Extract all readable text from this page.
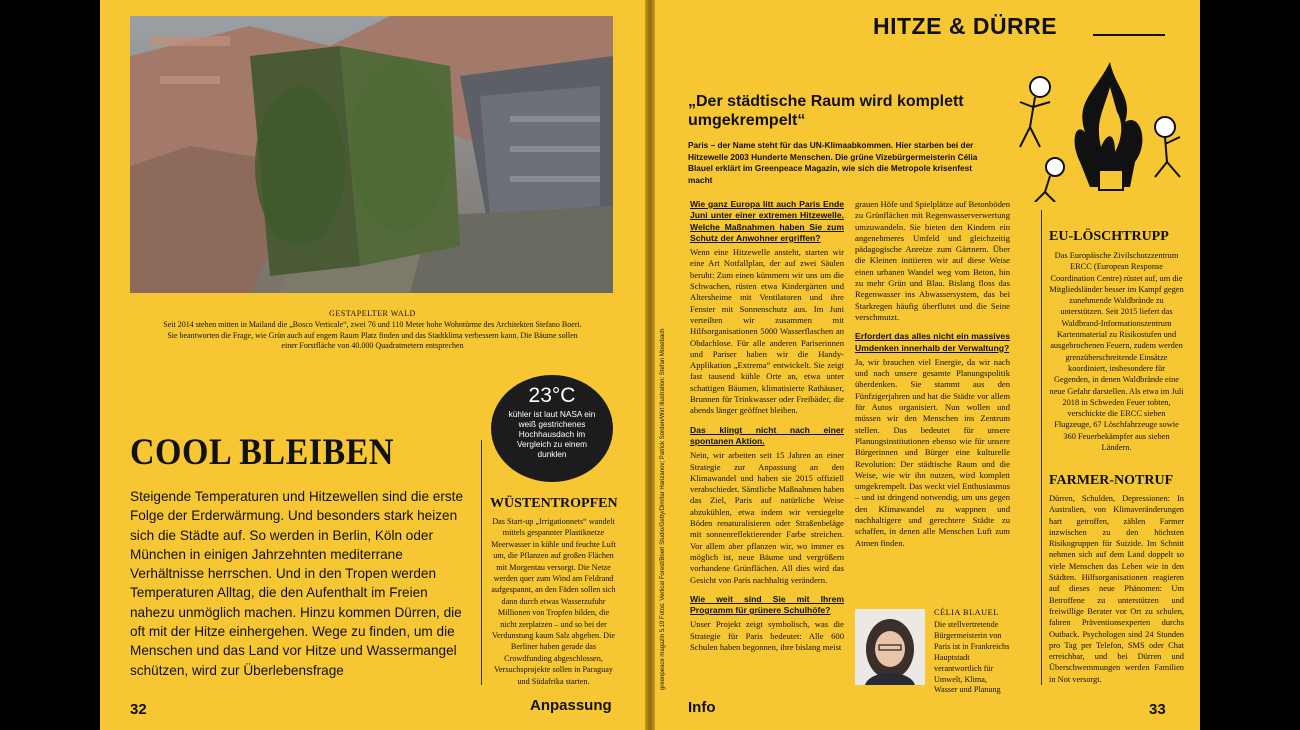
GESTAPELTER WALD
Seit 2014 stehen mitten in Mailand die „Bosco Verticale“, zwei 76 und 110 Meter hohe Wohntürme des Architekten Stefano Boeri. Sie beantworten die Frage, wie Grün auch auf engem Raum Platz finden und das Stadtklima verbessern kann. Die Bäume sollen einer Forstfläche von 40.000 Quadratmetern entsprechen
23°C
kühler ist laut NASA ein weiß gestrichenes Hochhausdach im Vergleich zu einem dunklen
COOL BLEIBEN
Steigende Temperaturen und Hitzewellen sind die erste Folge der Erderwärmung. Und besonders stark heizen sich die Städte auf. So werden in Berlin, Köln oder München in einigen Jahrzehnten mediterrane Verhältnisse herrschen. Und in den Tropen werden Temperaturen Alltag, die den Aufenthalt im Freien nahezu unmöglich machen. Hinzu kommen Dürren, die oft mit der Hitze einhergehen. Wege zu finden, um die Menschen und das Land vor Hitze und Wassermangel schützen, wird zur Überlebensfrage
WÜSTENTROPFEN
Das Start-up „Irrigationnets“ wandelt mittels gespannter Plastiknetze Meerwasser in kühle und feuchte Luft um, die Pflanzen auf großen Flächen mit Morgentau versorgt. Die Netze werden quer zum Wind am Feldrand aufgespannt, an den Fäden sollen sich dann durch etwas Wasserzufuhr Millionen von Tropfen bilden, die nicht zerplatzen – und so bei der Verdunstung kaum Salz abgeben. Die Berliner haben gerade das Crowdfunding abgeschlossen, Versuchsprojekte sollen in Paraguay und Südafrika starten.
32	Anpassung
HITZE & DÜRRE
„Der städtische Raum wird komplett umgekrempelt“
Paris – der Name steht für das UN-Klimaabkommen. Hier starben bei der Hitzewelle 2003 Hunderte Menschen. Die grüne Vizebürgermeisterin Célia Blauel erklärt im Greenpeace Magazin, wie sich die Metropole krisenfest macht
greenpeace magazin 5.19 Fotos: Vertical Forest/Boeri Studio/Getty/Dimitar Harizanov; Patrick Sorden/Wirt Illustration: Stefan Mosebach

Wie ganz Europa litt auch Paris Ende Juni unter einer extremen Hitzewelle. Welche Maßnahmen haben Sie zum Schutz der Anwohner ergriffen?

Wenn eine Hitzewelle ansteht, starten wir eine Art Notfallplan, der auf zwei Säulen beruht: Zum einen kümmern wir uns um die Schwachen, rüsten etwa Kindergärten und Altersheime mit Ventilatoren und ihre Fenster mit Sonnenschutz aus. Im Juni verteilten wir zusammen mit Hilfsorganisationen 5000 Wasserflaschen an Obdachlose. Für alle anderen Pariserinnen und Pariser haben wir die Handy-Applikation „Extrema“ entwickelt. Sie zeigt fast tausend kühle Orte an, etwa unter schattigen Bäumen, klimatisierte Rathäuser, Brunnen für Trinkwasser oder Freibäder, die abends länger geöffnet bleiben.

Das klingt nicht nach einer spontanen Aktion.

Nein, wir arbeiten seit 15 Jahren an einer Strategie zur Anpassung an den Klimawandel und haben sie 2015 offiziell verabschiedet. Sämtliche Maßnahmen haben das Ziel, Paris auf natürliche Weise abzukühlen, etwa indem wir versiegelte Böden renaturalisieren oder Straßenbeläge mit sonnenreflektierender Farbe streichen. Vor allem aber pflanzen wir, wo immer es möglich ist, neue Bäume und vergrößern vorhandene Grünflächen. All dies wird das Gesicht von Paris nachhaltig verändern.

Wie weit sind Sie mit Ihrem Programm für grünere Schulhöfe?

Unser Projekt zeigt symbolisch, was die Strategie für Paris bedeutet: Alle 600 Schulen haben begonnen, ihre bislang meist

grauen Höfe und Spielplätze auf Betonböden zu Grünflächen mit Regenwasserverwertung umzuwandeln. Sie bieten den Kindern ein angenehmeres Umfeld und gleichzeitig pädagogische Anreize zum Gärtnern. Über die Kleinen initiieren wir auf diese Weise einen urbanen Wandel weg vom Beton, hin zu mehr Grün und Blau. Bislang floss das Regenwasser ins Abwassersystem, das bei Starkregen häufig überflutet und die Seine verschmutzt.

Erfordert das alles nicht ein massives Umdenken innerhalb der Verwaltung?

Ja, wir brauchen viel Energie, da wir nach und nach unsere gesamte Planungspolitik überdenken. Sie stammt aus den Fünfzigerjahren und hat die Städte vor allem für Autos organisiert. Nun wollen und müssen wir den Menschen ins Zentrum stellen. Das bedeutet für unsere Planungsinstitutionen ebenso wie für unsere Bürgerinnen und Bürger eine kulturelle Revolution: Der städtische Raum und die Weise, wie wir ihn nutzen, wird komplett umgekrempelt. Das weckt viel Enthusiasmus – und ist dringend notwendig, um uns gegen den Klimawandel zu wappnen und nachhaltigere und gerechtere Städte zu schaffen, in denen alle Menschen Luft zum Atmen finden.

CÉLIA BLAUEL
Die stellvertretende Bürgermeisterin von Paris ist in Frankreichs Hauptstadt verantwortlich für Umwelt, Klima, Wasser und Planung
EU-LÖSCHTRUPP
Das Europäische Zivilschutzzentrum ERCC (European Response Coordination Centre) rüstet auf, um die Mitgliedsländer besser im Kampf gegen zunehmende Waldbrände zu unterstützen. Seit 2015 liefert das Waldbrand-Informationszentrum Kartenmaterial zu Risikostufen und ausgebrochenen Feuern, zudem werden grenzüberschreitende Einsätze koordiniert, insbesondere für Gegenden, in denen Waldbrände eine neue Gefahr darstellen. Als etwa im Juli 2018 in Schweden Feuer tobten, verschickte die ERCC sieben Flugzeuge, 67 Löschfahrzeuge sowie 360 Feuerbekämpfer aus sieben Ländern.
FARMER-NOTRUF
Dürren, Schulden, Depressionen: In Australien, von Klimaveränderungen hart getroffen, zählen Farmer inzwischen zu den höchsten Risikogruppen für Suizide. Im Schnitt nehmen sich auf dem Land doppelt so viele Menschen das Leben wie in den Städten. Hilfsorganisationen reagieren auf dieses neue Phänomen: Um Betroffene zu unterstützen und freiwillige Berater vor Ort zu schulen, fahren Präventionsexperten durchs Outback. Psychologen sind 24 Stunden pro Tag per Telefon, SMS oder Chat erreichbar, und bei Dürren und Überschwemmungen werden Familien in Not versorgt.
Info	33
